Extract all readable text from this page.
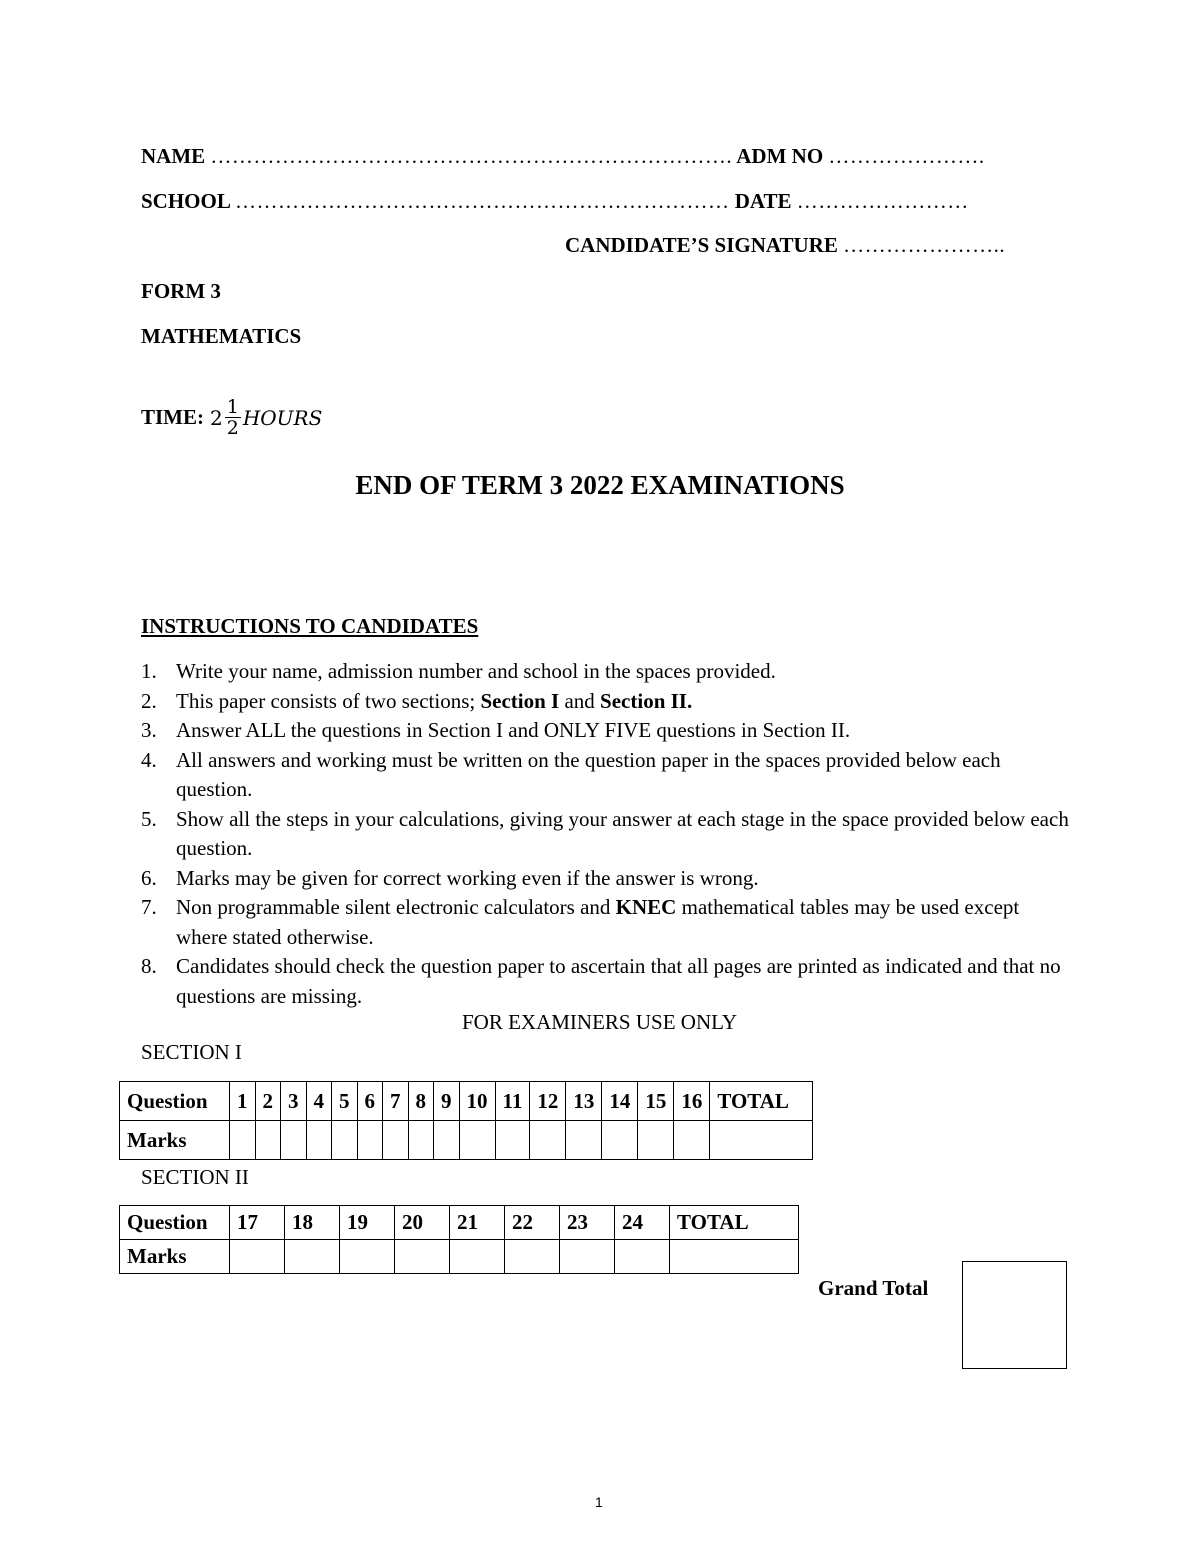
NAME ………………………………………………………………. ADM NO ………………….
SCHOOL …………………………………………………………… DATE ……………………
CANDIDATE’S SIGNATURE …………………..
FORM 3
MATHEMATICS
TIME: $2 \frac{1}{2}$ HOURS
END OF TERM 3 2022 EXAMINATIONS
INSTRUCTIONS TO CANDIDATES
1. Write your name, admission number and school in the spaces provided.
2. This paper consists of two sections; Section I and Section II.
3. Answer ALL the questions in Section I and ONLY FIVE questions in Section II.
4. All answers and working must be written on the question paper in the spaces provided below each question.
5. Show all the steps in your calculations, giving your answer at each stage in the space provided below each question.
6. Marks may be given for correct working even if the answer is wrong.
7. Non programmable silent electronic calculators and KNEC mathematical tables may be used except where stated otherwise.
8. Candidates should check the question paper to ascertain that all pages are printed as indicated and that no questions are missing.
FOR EXAMINERS USE ONLY
SECTION I
Question	1	2	3	4	5	6	7	8	9	10	11	12	13	14	15	16	TOTAL
Marks																	
SECTION II
Question	17	18	19	20	21	22	23	24	TOTAL
Marks									
Grand Total
1
